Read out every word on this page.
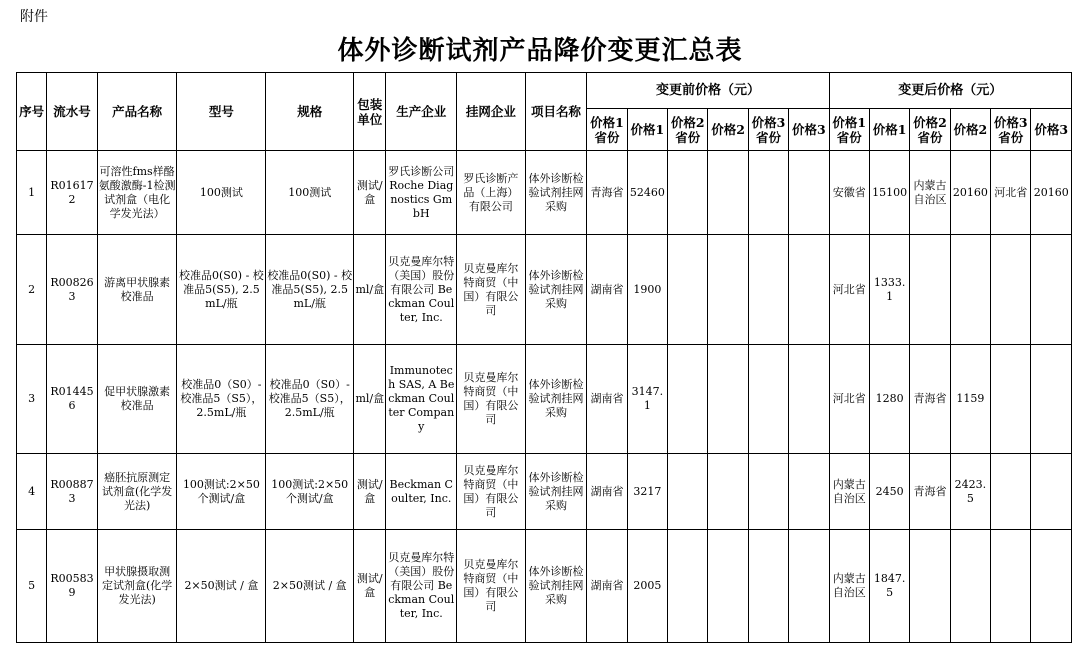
附件
体外诊断试剂产品降价变更汇总表
序号	流水号	产品名称	型号	规格	包装单位	生产企业	挂网企业	项目名称	变更前价格（元）						变更后价格（元）					
									价格1省份	价格1	价格2省份	价格2	价格3省份	价格3	价格1省份	价格1	价格2省份	价格2	价格3省份	价格3
1	R016172	可溶性fms样酪氨酸激酶-1检测试剂盒（电化学发光法）	100测试	100测试	测试/盒	罗氏诊断公司 Roche Diagnostics GmbH	罗氏诊断产品（上海）有限公司	体外诊断检验试剂挂网采购	青海省	52460					安徽省	15100	内蒙古自治区	20160	河北省	20160
2	R008263	游离甲状腺素校准品	校准品0(S0) - 校准品5(S5), 2.5mL/瓶	校准品0(S0) - 校准品5(S5), 2.5mL/瓶	ml/盒	贝克曼库尔特（美国）股份有限公司 Beckman Coulter, Inc.	贝克曼库尔特商贸（中国）有限公司	体外诊断检验试剂挂网采购	湖南省	1900					河北省	1333.1				
3	R014456	促甲状腺激素校准品	校准品0（S0）- 校准品5（S5），2.5mL/瓶	校准品0（S0）- 校准品5（S5），2.5mL/瓶	ml/盒	Immunotech SAS, A Beckman Coulter Company	贝克曼库尔特商贸（中国）有限公司	体外诊断检验试剂挂网采购	湖南省	3147.1					河北省	1280	青海省	1159		
4	R008873	癌胚抗原测定试剂盒(化学发光法)	100测试:2×50个测试/盒	100测试:2×50个测试/盒	测试/盒	Beckman Coulter, Inc.	贝克曼库尔特商贸（中国）有限公司	体外诊断检验试剂挂网采购	湖南省	3217					内蒙古自治区	2450	青海省	2423.5		
5	R005839	甲状腺摄取测定试剂盒(化学发光法)	2×50测试 / 盒	2×50测试 / 盒	测试/盒	贝克曼库尔特（美国）股份有限公司 Beckman Coulter, Inc.	贝克曼库尔特商贸（中国）有限公司	体外诊断检验试剂挂网采购	湖南省	2005					内蒙古自治区	1847.5				
